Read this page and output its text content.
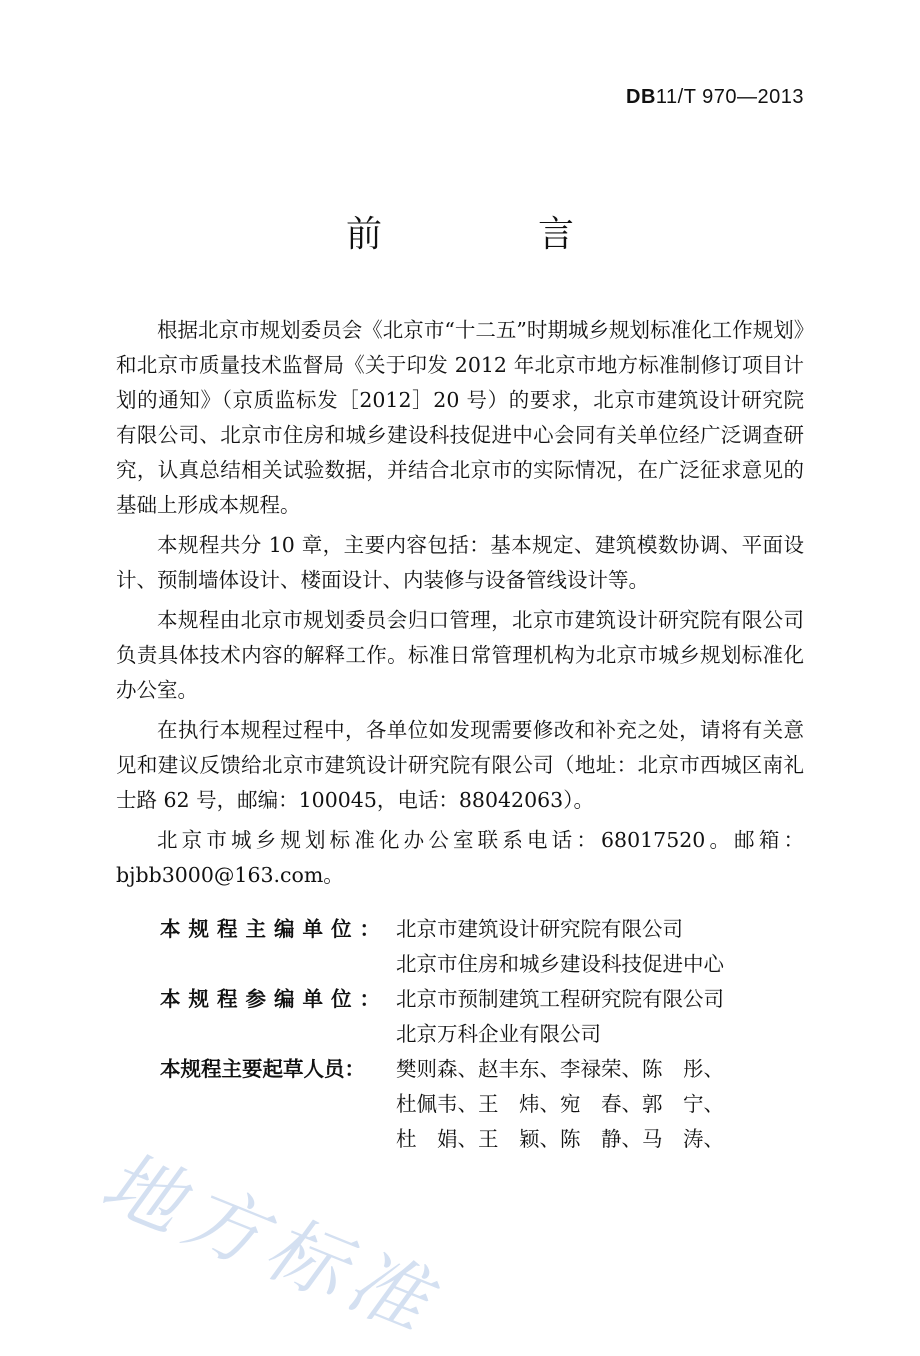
DB11/T 970—2013
前　言

根据北京市规划委员会《北京市“十二五”时期城乡规划标准化工作规划》和北京市质量技术监督局《关于印发 2012 年北京市地方标准制修订项目计划的通知》（京质监标发［2012］20 号）的要求，北京市建筑设计研究院有限公司、北京市住房和城乡建设科技促进中心会同有关单位经广泛调查研究，认真总结相关试验数据，并结合北京市的实际情况，在广泛征求意见的基础上形成本规程。

本规程共分 10 章，主要内容包括：基本规定、建筑模数协调、平面设计、预制墙体设计、楼面设计、内装修与设备管线设计等。

本规程由北京市规划委员会归口管理，北京市建筑设计研究院有限公司负责具体技术内容的解释工作。标准日常管理机构为北京市城乡规划标准化办公室。

在执行本规程过程中，各单位如发现需要修改和补充之处，请将有关意见和建议反馈给北京市建筑设计研究院有限公司（地址：北京市西城区南礼士路 62 号，邮编：100045，电话：88042063）。

北京市城乡规划标准化办公室联系电话：68017520。邮箱：bjbb3000@163.com。

本规程主编单位： 北京市建筑设计研究院有限公司
北京市住房和城乡建设科技促进中心
本规程参编单位： 北京市预制建筑工程研究院有限公司
北京万科企业有限公司
本规程主要起草人员：	樊则森、赵丰东、李禄荣、陈　彤、
杜佩韦、王　炜、宛　春、郭　宁、
杜　娟、王　颖、陈　静、马　涛、
地方标准
